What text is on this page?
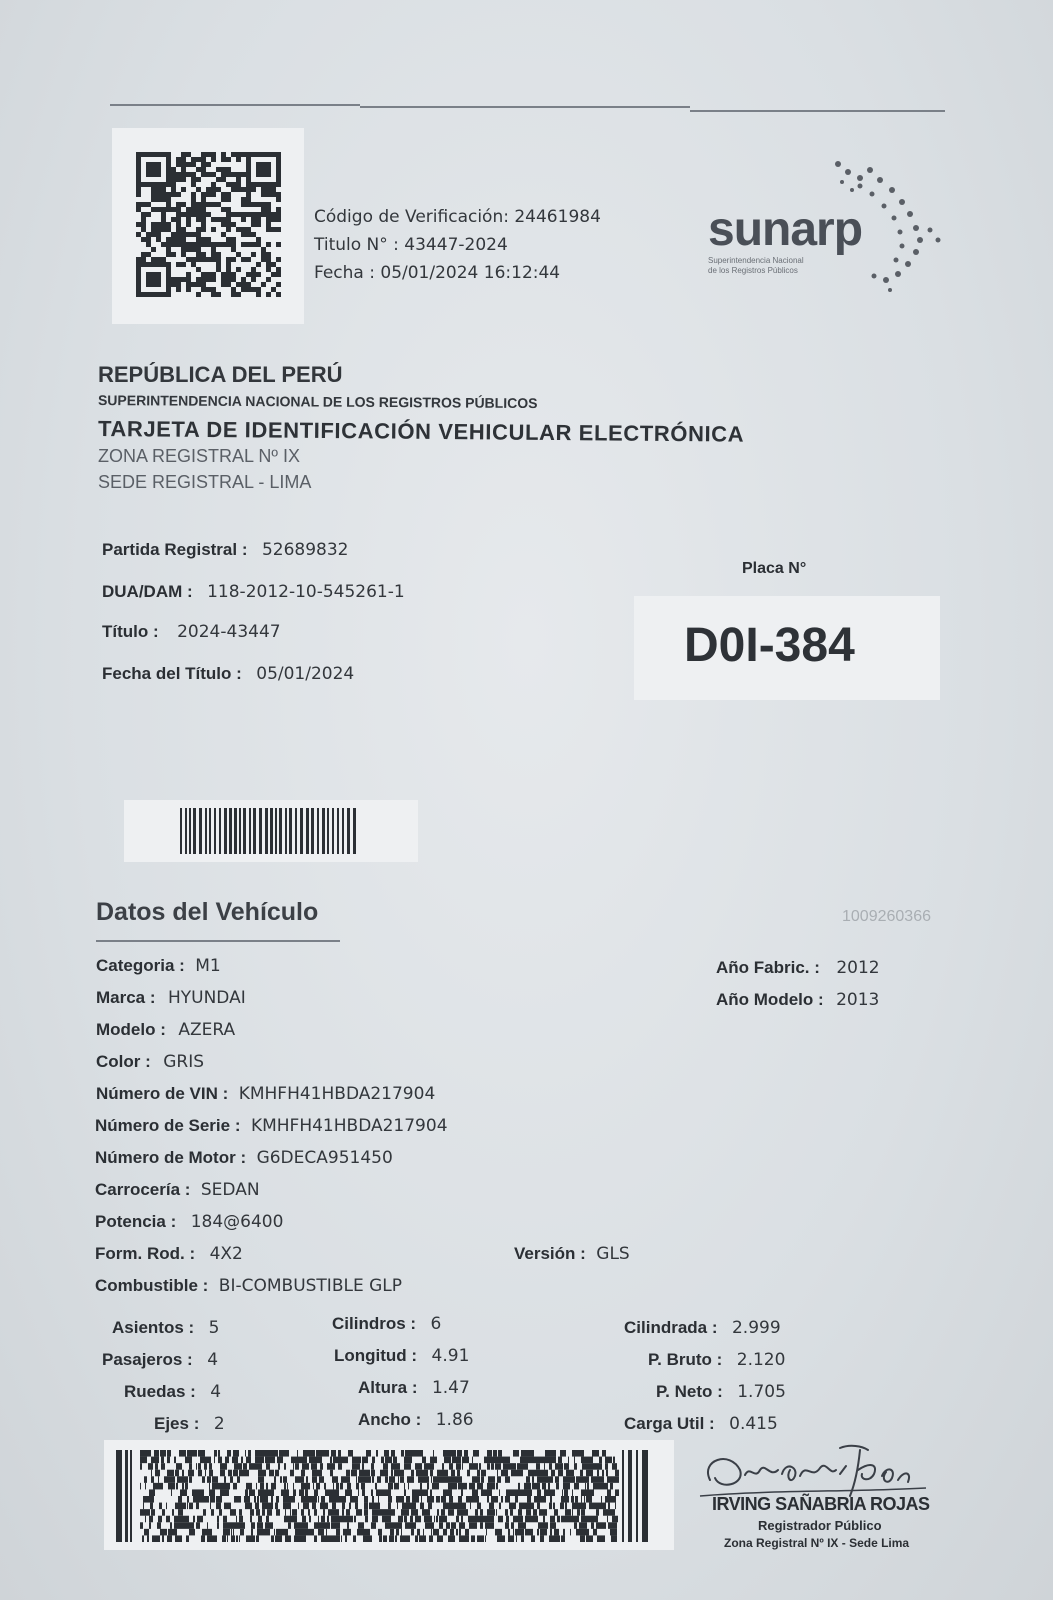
Código de Verificación: 24461984
Titulo N° : 43447-2024
Fecha : 05/01/2024 16:12:44
sunarp
Superintendencia Nacional
de los Registros Públicos
REPÚBLICA DEL PERÚ
SUPERINTENDENCIA NACIONAL DE LOS REGISTROS PÚBLICOS
TARJETA DE IDENTIFICACIÓN VEHICULAR ELECTRÓNICA
ZONA REGISTRAL Nº IX
SEDE REGISTRAL - LIMA
Partida Registral : 52689832
DUA/DAM : 118-2012-10-545261-1
Título : 2024-43447
Fecha del Título : 05/01/2024
Placa N°
D0I-384
Datos del Vehículo	1009260366
Categoria : M1
Marca : HYUNDAI
Modelo : AZERA
Color : GRIS
Número de VIN : KMHFH41HBDA217904
Número de Serie : KMHFH41HBDA217904
Número de Motor : G6DECA951450
Carrocería : SEDAN
Potencia : 184@6400
Form. Rod. : 4X2	Versión : GLS
Combustible : BI-COMBUSTIBLE GLP
Año Fabric. : 2012
Año Modelo : 2013
Asientos : 5
Pasajeros : 4
Ruedas : 4
Ejes : 2
Cilindros : 6
Longitud : 4.91
Altura : 1.47
Ancho : 1.86
Cilindrada : 2.999
P. Bruto : 2.120
P. Neto : 1.705
Carga Util : 0.415
IRVING SAÑABRIA ROJAS
Registrador Público
Zona Registral Nº IX - Sede Lima
